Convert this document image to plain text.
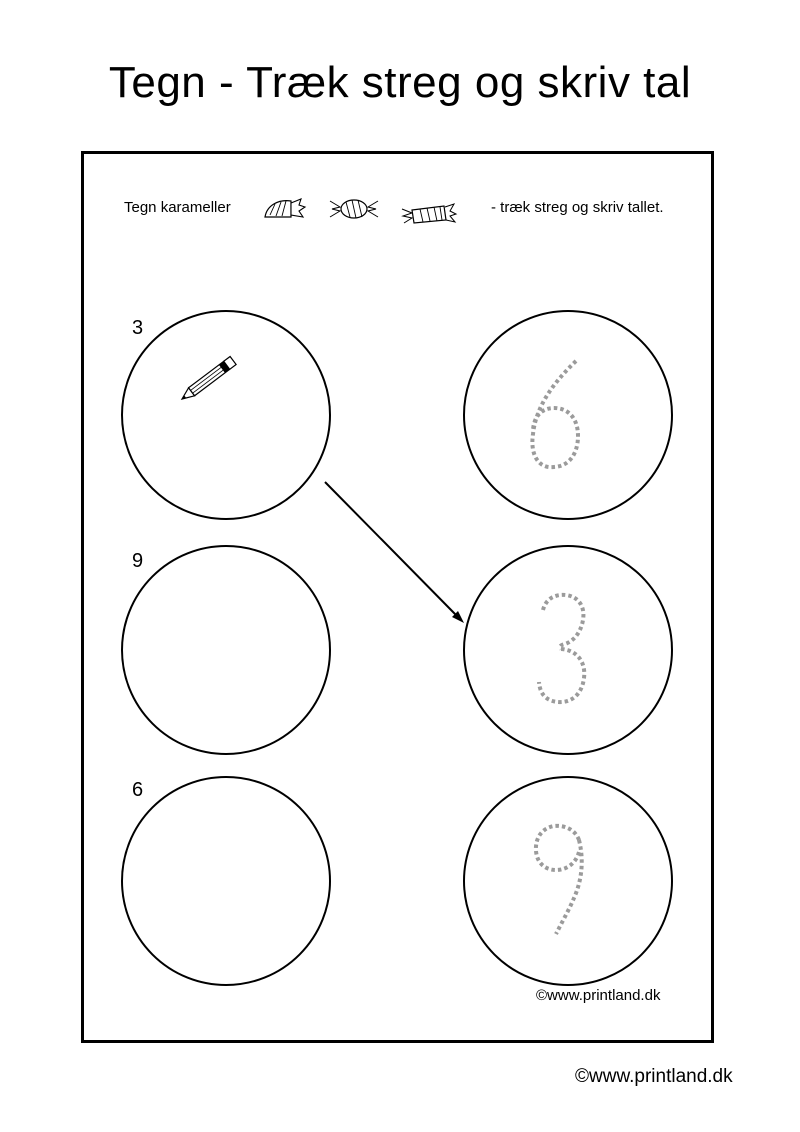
Tegn - Træk streg og skriv tal
Tegn karameller	- træk streg og skriv tallet.
3
9
6
©www.printland.dk
©www.printland.dk
